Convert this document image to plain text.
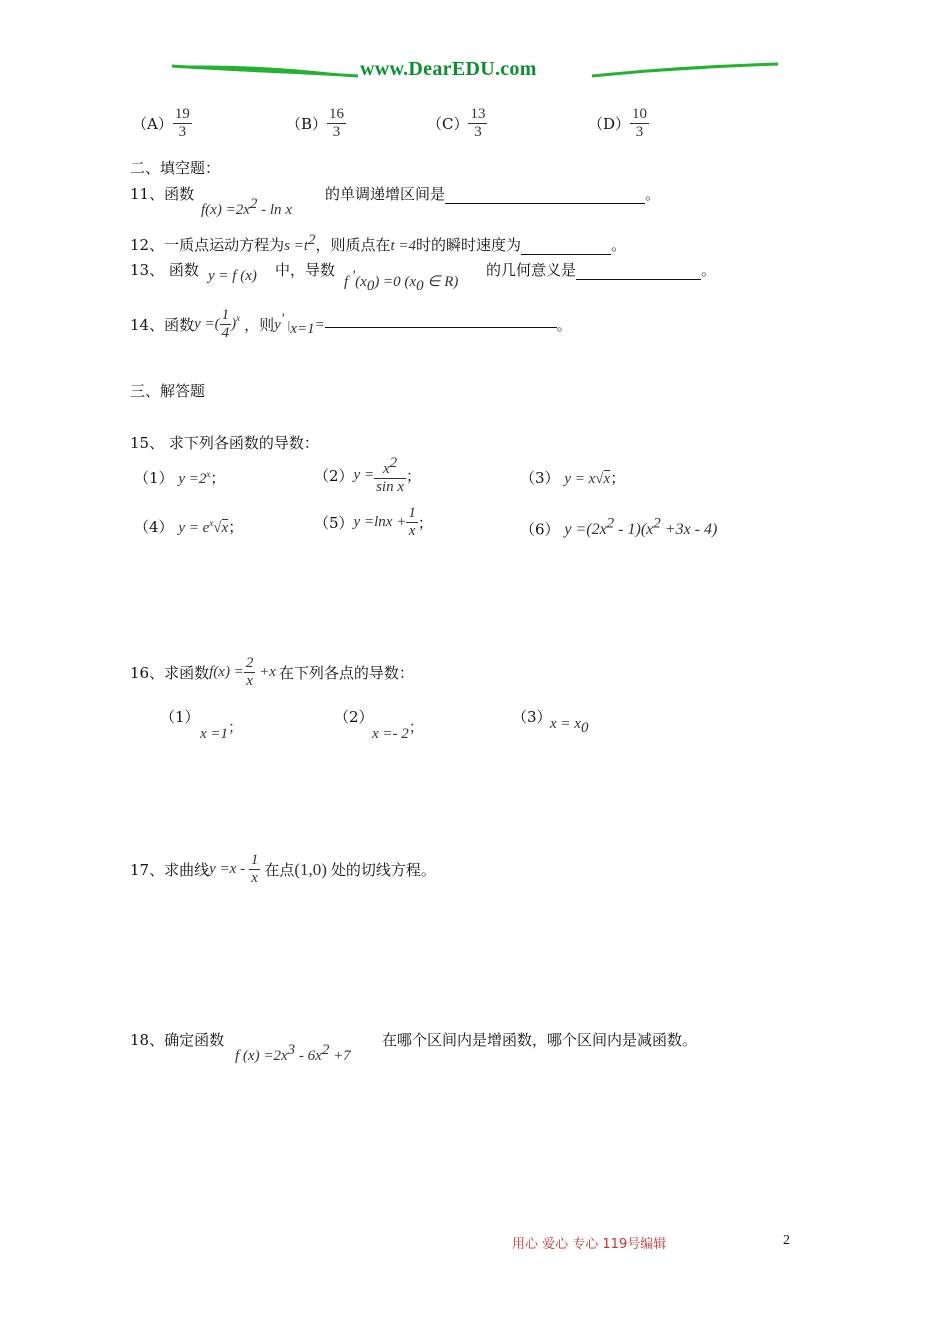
www.DearEDU.com
$(A) \frac{19}{3}$	$(B) \frac{16}{3}$	$(C) \frac{13}{3}$	$(D) \frac{10}{3}$
二、填空题：
11、函数
$f(x) =2x^2 - \ln x$
的单调递增区间是	。
12、一质点运动方程为$s =t^2$，则质点在t =4时的瞬时速度为	。
13、 函数 y = f (x) 中，导数
f $'(x_0) =0$ ($x_0$ ∈ R)
的几何意义是	。
14、函数 y =( $\frac{1}{4} )^x$ ，则 y' $|_{x=1}=$	。
三、解答题
15、 求下列各函数的导数：
（1） $y =2^x$；	（2） $y = \frac{x^2}{\text{sin x}}$ ；	（3） y = x√x；
（4） $y = e^x√x$；	（5） y =ln $x + \frac{1}{x}$ ；	（6） $y =(2x^2 - 1)(x^2 +3x - 4)$
16、求函数 f ( x ) = $\frac{2}{x} + x$ 在下列各点的导数：
（1）
x =1；
（2）
x =- 2；
（3）
$x = x_0$
17、求曲线 $y = x - \frac{1}{x}$ 在点 (1,0) 处的切线方程。
18、确定函数
f $(x) =2x^3 - 6x^2 +7$
在哪个区间内是增函数，哪个区间内是减函数。
用心 爱心 专心 119号编辑	2
